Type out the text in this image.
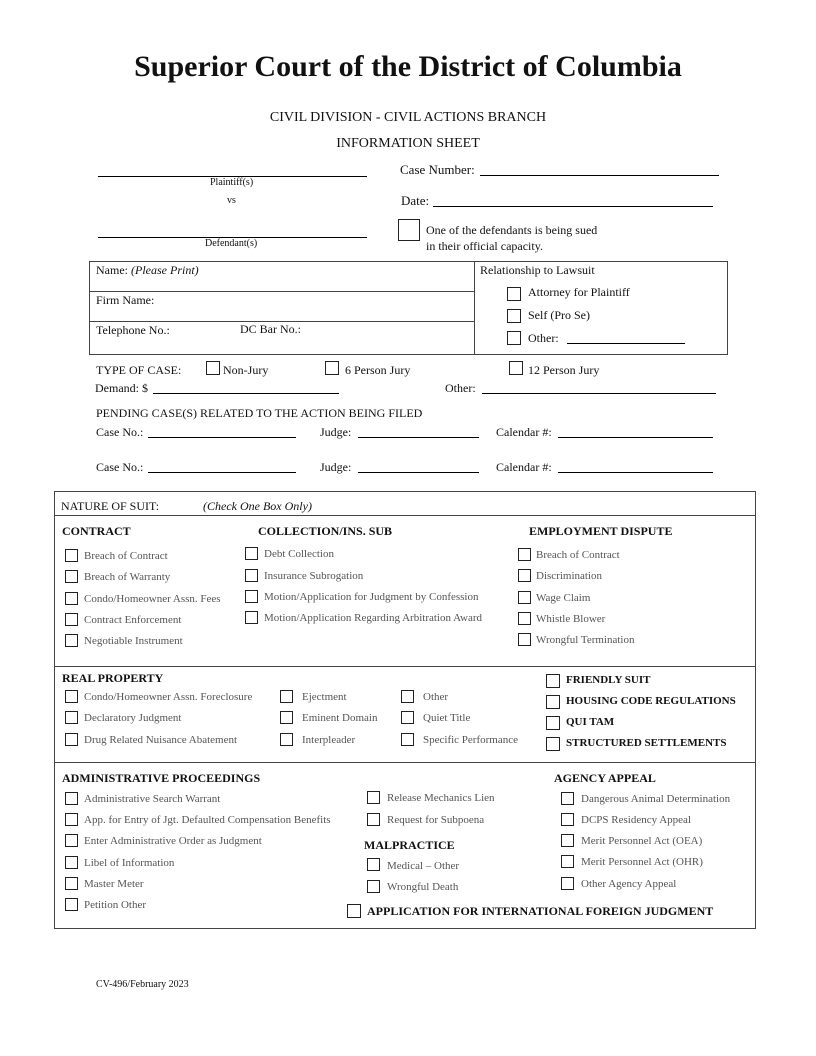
Superior Court of the District of Columbia
CIVIL DIVISION - CIVIL ACTIONS BRANCH
INFORMATION SHEET
Plaintiff(s)
vs
Defendant(s)
Case Number:
Date:
One of the defendants is being sued
in their official capacity.
Name: (Please Print)
Firm Name:
Telephone No.:	DC Bar No.:
Relationship to Lawsuit
Attorney for Plaintiff
Self (Pro Se)
Other:
TYPE OF CASE:	Non-Jury	6 Person Jury	12 Person Jury
Demand: $	Other:
PENDING CASE(S) RELATED TO THE ACTION BEING FILED
Case No.:	Judge:	Calendar #:
Case No.:	Judge:	Calendar #:
NATURE OF SUIT:	(Check One Box Only)
CONTRACT
Breach of Contract
Breach of Warranty
Condo/Homeowner Assn. Fees
Contract Enforcement
Negotiable Instrument
COLLECTION/INS. SUB
Debt Collection
Insurance Subrogation
Motion/Application for Judgment by Confession
Motion/Application Regarding Arbitration Award
EMPLOYMENT DISPUTE
Breach of Contract
Discrimination
Wage Claim
Whistle Blower
Wrongful Termination
REAL PROPERTY
Condo/Homeowner Assn. Foreclosure
Declaratory Judgment
Drug Related Nuisance Abatement
Ejectment
Eminent Domain
Interpleader
Other
Quiet Title
Specific Performance
FRIENDLY SUIT
HOUSING CODE REGULATIONS
QUI TAM
STRUCTURED SETTLEMENTS
ADMINISTRATIVE PROCEEDINGS
Administrative Search Warrant
App. for Entry of Jgt. Defaulted Compensation Benefits
Enter Administrative Order as Judgment
Libel of Information
Master Meter
Petition Other
Release Mechanics Lien
Request for Subpoena
MALPRACTICE
Medical – Other
Wrongful Death
AGENCY APPEAL
Dangerous Animal Determination
DCPS Residency Appeal
Merit Personnel Act (OEA)
Merit Personnel Act (OHR)
Other Agency Appeal
APPLICATION FOR INTERNATIONAL FOREIGN JUDGMENT
CV-496/February 2023
